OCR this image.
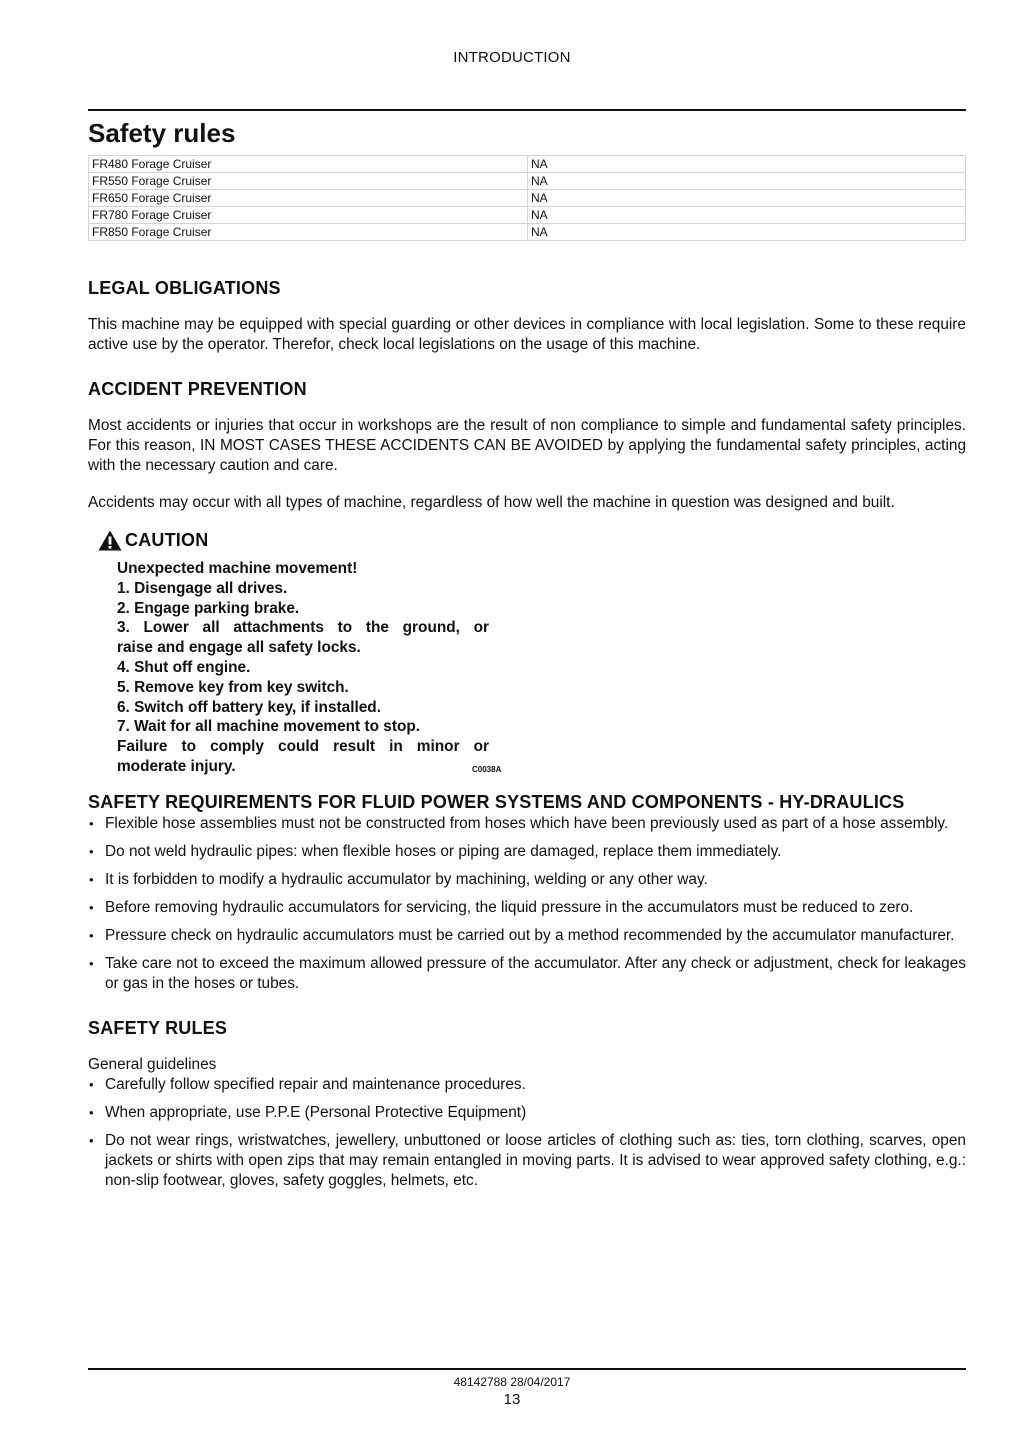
INTRODUCTION
Safety rules
FR480 Forage Cruiser	NA
FR550 Forage Cruiser	NA
FR650 Forage Cruiser	NA
FR780 Forage Cruiser	NA
FR850 Forage Cruiser	NA
LEGAL OBLIGATIONS

This machine may be equipped with special guarding or other devices in compliance with local legislation. Some to these require active use by the operator. Therefor, check local legislations on the usage of this machine.

ACCIDENT PREVENTION

Most accidents or injuries that occur in workshops are the result of non compliance to simple and fundamental safety principles. For this reason, IN MOST CASES THESE ACCIDENTS CAN BE AVOIDED by applying the fundamental safety principles, acting with the necessary caution and care.

Accidents may occur with all types of machine, regardless of how well the machine in question was designed and built.

CAUTION
Unexpected machine movement!
1. Disengage all drives.
2. Engage parking brake.
3. Lower all attachments to the ground, or
raise and engage all safety locks.
4. Shut off engine.
5. Remove key from key switch.
6. Switch off battery key, if installed.
7. Wait for all machine movement to stop.
Failure to comply could result in minor or
moderate injury.	C0038A
SAFETY REQUIREMENTS FOR FLUID POWER SYSTEMS AND COMPONENTS - HY-DRAULICS
• Flexible hose assemblies must not be constructed from hoses which have been previously used as part of a hose assembly.
• Do not weld hydraulic pipes: when flexible hoses or piping are damaged, replace them immediately.
• It is forbidden to modify a hydraulic accumulator by machining, welding or any other way.
• Before removing hydraulic accumulators for servicing, the liquid pressure in the accumulators must be reduced to zero.
• Pressure check on hydraulic accumulators must be carried out by a method recommended by the accumulator manufacturer.
• Take care not to exceed the maximum allowed pressure of the accumulator. After any check or adjustment, check for leakages or gas in the hoses or tubes.
SAFETY RULES

General guidelines

• Carefully follow specified repair and maintenance procedures.
• When appropriate, use P.P.E (Personal Protective Equipment)
• Do not wear rings, wristwatches, jewellery, unbuttoned or loose articles of clothing such as: ties, torn clothing, scarves, open jackets or shirts with open zips that may remain entangled in moving parts. It is advised to wear approved safety clothing, e.g.: non-slip footwear, gloves, safety goggles, helmets, etc.
48142788 28/04/2017
13
